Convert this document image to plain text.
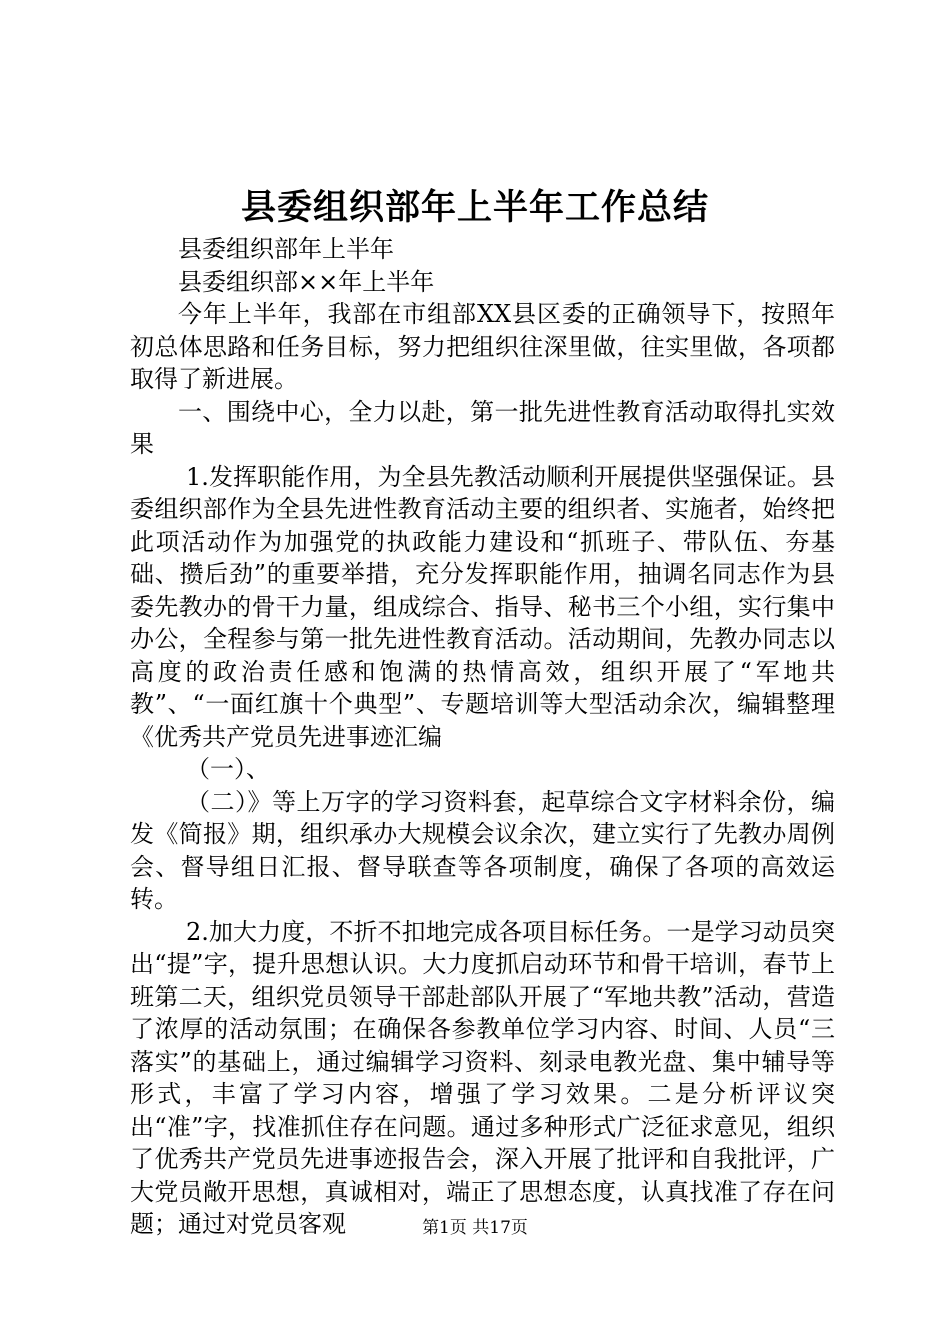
县委组织部年上半年工作总结

县委组织部年上半年

县委组织部××年上半年

今年上半年，我部在市组部XX县区委的正确领导下，按照年初总体思路和任务目标，努力把组织往深里做，往实里做，各项都取得了新进展。

一、围绕中心，全力以赴，第一批先进性教育活动取得扎实效果

1.发挥职能作用，为全县先教活动顺利开展提供坚强保证。县委组织部作为全县先进性教育活动主要的组织者、实施者，始终把此项活动作为加强党的执政能力建设和“抓班子、带队伍、夯基础、攒后劲”的重要举措，充分发挥职能作用，抽调名同志作为县委先教办的骨干力量，组成综合、指导、秘书三个小组，实行集中办公，全程参与第一批先进性教育活动。活动期间，先教办同志以高度的政治责任感和饱满的热情高效，组织开展了“军地共教”、“一面红旗十个典型”、专题培训等大型活动余次，编辑整理《优秀共产党员先进事迹汇编

（一）、

（二）》等上万字的学习资料套，起草综合文字材料余份，编发《简报》期，组织承办大规模会议余次，建立实行了先教办周例会、督导组日汇报、督导联查等各项制度，确保了各项的高效运转。

2.加大力度，不折不扣地完成各项目标任务。一是学习动员突出“提”字，提升思想认识。大力度抓启动环节和骨干培训，春节上班第二天，组织党员领导干部赴部队开展了“军地共教”活动，营造了浓厚的活动氛围；在确保各参教单位学习内容、时间、人员“三落实”的基础上，通过编辑学习资料、刻录电教光盘、集中辅导等形式，丰富了学习内容，增强了学习效果。二是分析评议突出“准”字，找准抓住存在问题。通过多种形式广泛征求意见，组织了优秀共产党员先进事迹报告会，深入开展了批评和自我批评，广大党员敞开思想，真诚相对，端正了思想态度，认真找准了存在问题；通过对党员客观	第1页 共17页
